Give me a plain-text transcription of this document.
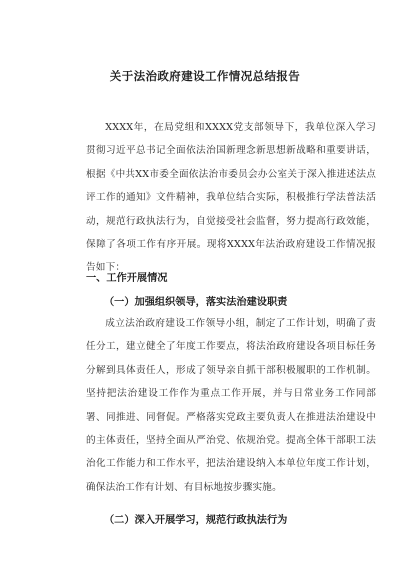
关于法治政府建设工作情况总结报告

XXXX年，在局党组和XXXX党支部领导下，我单位深入学习贯彻习近平总书记全面依法治国新理念新思想新战略和重要讲话，根据《中共XX市委全面依法治市委员会办公室关于深入推进述法点评工作的通知》文件精神，我单位结合实际，积极推行学法普法活动，规范行政执法行为，自觉接受社会监督，努力提高行政效能，保障了各项工作有序开展。现将XXXX年法治政府建设工作情况报告如下：

一、工作开展情况
（一）加强组织领导，落实法治建设职责

成立法治政府建设工作领导小组，制定了工作计划，明确了责任分工，建立健全了年度工作要点，将法治政府建设各项目标任务分解到具体责任人，形成了领导亲自抓干部积极履职的工作机制。坚持把法治建设工作作为重点工作开展，并与日常业务工作同部署、同推进、同督促。严格落实党政主要负责人在推进法治建设中的主体责任，坚持全面从严治党、依规治党。提高全体干部职工法治化工作能力和工作水平，把法治建设纳入本单位年度工作计划，确保法治工作有计划、有目标地按步骤实施。

（二）深入开展学习，规范行政执法行为
